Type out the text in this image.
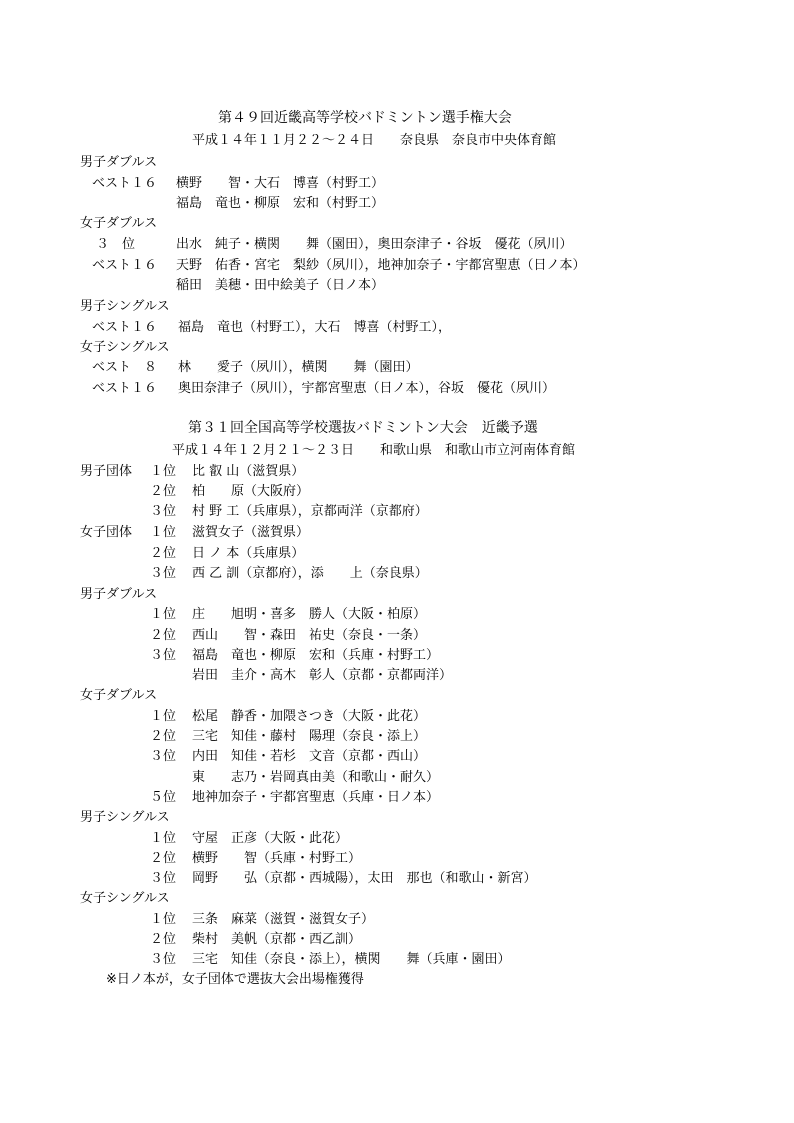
第４９回近畿高等学校バドミントン選手権大会
平成１４年１１月２２～２４日　　奈良県　奈良市中央体育館
男子ダブルス
ベスト１６ 横野　　智・大石　博喜（村野工）
福島　竜也・柳原　宏和（村野工）
女子ダブルス
３　位	出水　純子・横関　　舞（園田），奥田奈津子・谷坂　優花（夙川）
ベスト１６ 天野　佑香・宮宅　梨紗（夙川），地神加奈子・宇都宮聖恵（日ノ本）
稲田　美穂・田中絵美子（日ノ本）
男子シングルス
ベスト１６ 福島　竜也（村野工），大石　博喜（村野工），
女子シングルス
ベスト　８ 林　　愛子（夙川），横関　　舞（園田）
ベスト１６ 奥田奈津子（夙川），宇都宮聖恵（日ノ本），谷坂　優花（夙川）
第３１回全国高等学校選抜バドミントン大会　近畿予選
平成１４年１２月２１～２３日　　和歌山県　和歌山市立河南体育館
男子団体 １位 比 叡 山（滋賀県）
２位 柏　　原（大阪府）
３位 村 野 工（兵庫県），京都両洋（京都府）
女子団体 １位 滋賀女子（滋賀県）
２位 日 ノ 本（兵庫県）
３位 西 乙 訓（京都府），添　　上（奈良県）
男子ダブルス
１位 庄　　旭明・喜多　勝人（大阪・柏原）
２位 西山　　智・森田　祐史（奈良・一条）
３位 福島　竜也・柳原　宏和（兵庫・村野工）
岩田　圭介・高木　彰人（京都・京都両洋）
女子ダブルス
１位 松尾　静香・加隈さつき（大阪・此花）
２位 三宅　知佳・藤村　陽理（奈良・添上）
３位 内田　知佳・若杉　文音（京都・西山）
東　　志乃・岩岡真由美（和歌山・耐久）
５位 地神加奈子・宇都宮聖恵（兵庫・日ノ本）
男子シングルス
１位 守屋　正彦（大阪・此花）
２位 横野　　智（兵庫・村野工）
３位 岡野　　弘（京都・西城陽），太田　那也（和歌山・新宮）
女子シングルス
１位 三条　麻菜（滋賀・滋賀女子）
２位 柴村　美帆（京都・西乙訓）
３位 三宅　知佳（奈良・添上），横関　　舞（兵庫・園田）
※日ノ本が，女子団体で選抜大会出場権獲得
